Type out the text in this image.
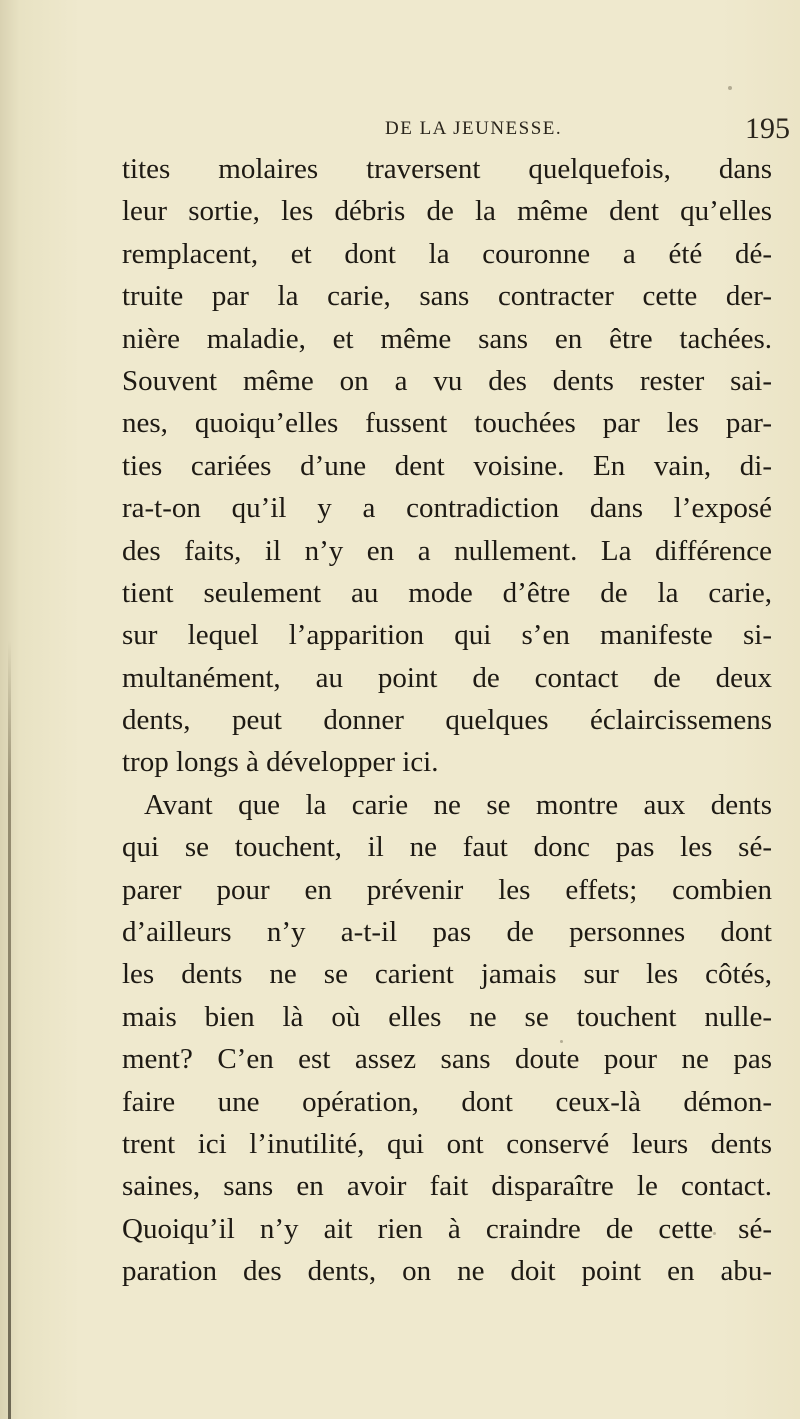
DE LA JEUNESSE.	195
tites molaires traversent quelquefois, dans
leur sortie, les débris de la même dent qu’elles
remplacent, et dont la couronne a été dé-
truite par la carie, sans contracter cette der-
nière maladie, et même sans en être tachées.
Souvent même on a vu des dents rester sai-
nes, quoiqu’elles fussent touchées par les par-
ties cariées d’une dent voisine. En vain, di-
ra-t-on qu’il y a contradiction dans l’exposé
des faits, il n’y en a nullement. La différence
tient seulement au mode d’être de la carie,
sur lequel l’apparition qui s’en manifeste si-
multanément, au point de contact de deux
dents, peut donner quelques éclaircissemens
trop longs à développer ici.
Avant que la carie ne se montre aux dents
qui se touchent, il ne faut donc pas les sé-
parer pour en prévenir les effets; combien
d’ailleurs n’y a-t-il pas de personnes dont
les dents ne se carient jamais sur les côtés,
mais bien là où elles ne se touchent nulle-
ment? C’en est assez sans doute pour ne pas
faire une opération, dont ceux-là démon-
trent ici l’inutilité, qui ont conservé leurs dents
saines, sans en avoir fait disparaître le contact.
Quoiqu’il n’y ait rien à craindre de cette sé-
paration des dents, on ne doit point en abu-
